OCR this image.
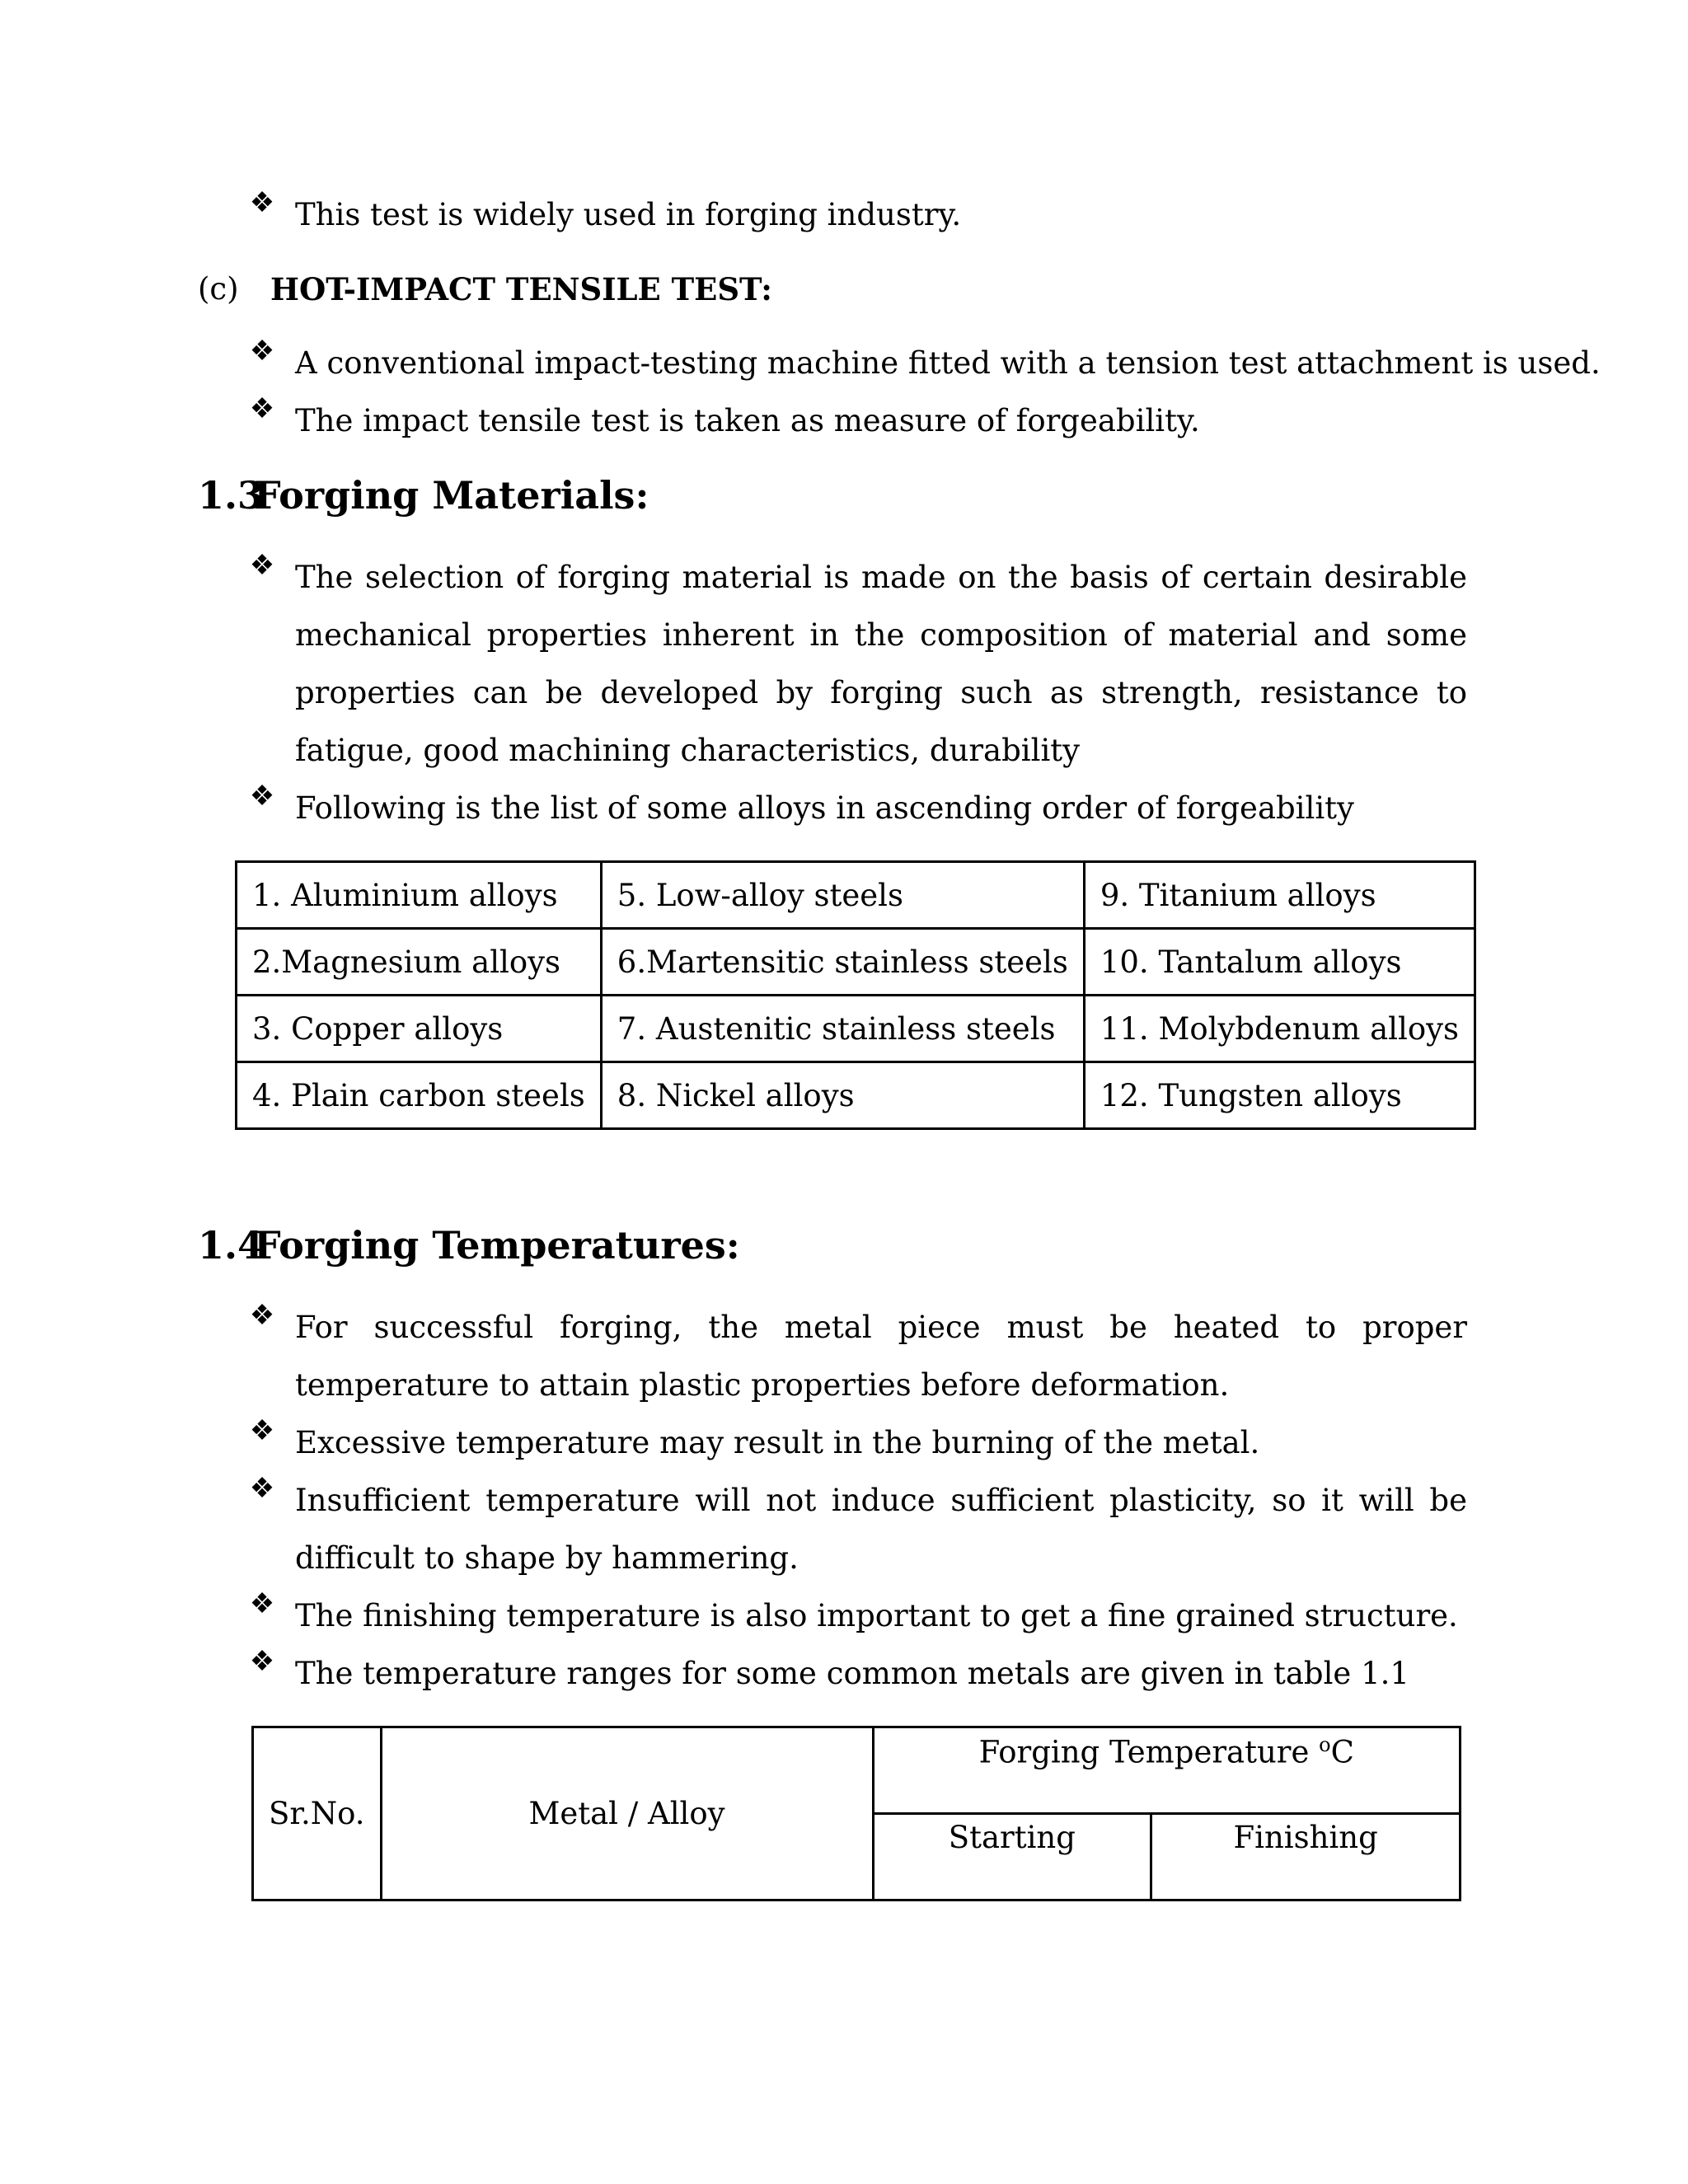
❖ This test is widely used in forging industry.
(c) HOT-IMPACT TENSILE TEST:
❖ A conventional impact-testing machine fitted with a tension test attachment is used.
❖ The impact tensile test is taken as measure of forgeability.
1.3
Forging Materials:
❖ The selection of forging material is made on the basis of certain desirable mechanical properties inherent in the composition of material and some properties can be developed by forging such as strength, resistance to fatigue, good machining characteristics, durability
❖ Following is the list of some alloys in ascending order of forgeability
1. Aluminium alloys	5. Low-alloy steels	9. Titanium alloys
2.Magnesium alloys	6.Martensitic stainless steels	10. Tantalum alloys
3. Copper alloys	7. Austenitic stainless steels	11. Molybdenum alloys
4. Plain carbon steels	8. Nickel alloys	12. Tungsten alloys
1.4
Forging Temperatures:
❖ For successful forging, the metal piece must be heated to proper temperature to attain plastic properties before deformation.
❖ Excessive temperature may result in the burning of the metal.
❖ Insufficient temperature will not induce sufficient plasticity, so it will be difficult to shape by hammering.
❖ The finishing temperature is also important to get a fine grained structure.
❖ The temperature ranges for some common metals are given in table 1.1
Sr.No.	Metal / Alloy	Forging Temperature $^o$C	
		Starting	Finishing
